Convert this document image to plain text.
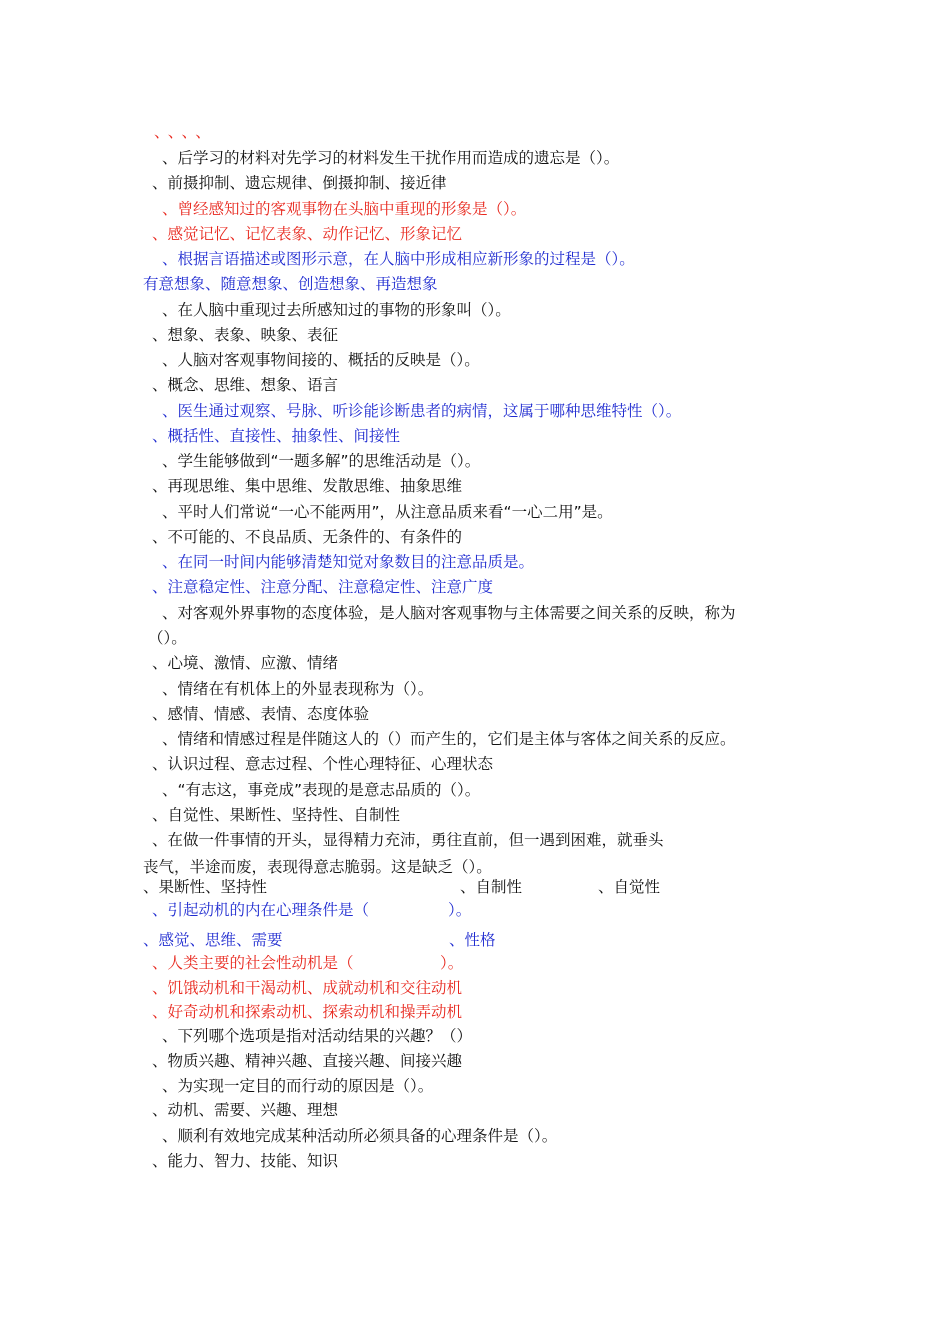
、、、、
、后学习的材料对先学习的材料发生干扰作用而造成的遗忘是（）。
、前摄抑制、遗忘规律、倒摄抑制、接近律
、曾经感知过的客观事物在头脑中重现的形象是（）。
、感觉记忆、记忆表象、动作记忆、形象记忆
、根据言语描述或图形示意，在人脑中形成相应新形象的过程是（）。
有意想象、随意想象、创造想象、再造想象
、在人脑中重现过去所感知过的事物的形象叫（）。
、想象、表象、映象、表征
、人脑对客观事物间接的、概括的反映是（）。
、概念、思维、想象、语言
、医生通过观察、号脉、听诊能诊断患者的病情，这属于哪种思维特性（）。
、概括性、直接性、抽象性、间接性
、学生能够做到“一题多解”的思维活动是（）。
、再现思维、集中思维、发散思维、抽象思维
、平时人们常说“一心不能两用”，从注意品质来看“一心二用”是。
、不可能的、不良品质、无条件的、有条件的
、在同一时间内能够清楚知觉对象数目的注意品质是。
、注意稳定性、注意分配、注意稳定性、注意广度
、对客观外界事物的态度体验，是人脑对客观事物与主体需要之间关系的反映，称为
（）。
、心境、激情、应激、情绪
、情绪在有机体上的外显表现称为（）。
、感情、情感、表情、态度体验
、情绪和情感过程是伴随这人的（）而产生的，它们是主体与客体之间关系的反应。
、认识过程、意志过程、个性心理特征、心理状态
、“有志这，事竞成”表现的是意志品质的（）。
、自觉性、果断性、坚持性、自制性
、在做一件事情的开头，显得精力充沛，勇往直前，但一遇到困难，就垂头
丧气，半途而废，表现得意志脆弱。这是缺乏（）。
、果断性、坚持性	、自制性	、自觉性
、引起动机的内在心理条件是（	）。
、感觉、思维、需要	、性格
、人类主要的社会性动机是（	）。
、饥饿动机和干渴动机、成就动机和交往动机
、好奇动机和探索动机、探索动机和操弄动机
、下列哪个选项是指对活动结果的兴趣？（）
、物质兴趣、精神兴趣、直接兴趣、间接兴趣
、为实现一定目的而行动的原因是（）。
、动机、需要、兴趣、理想
、顺利有效地完成某种活动所必须具备的心理条件是（）。
、能力、智力、技能、知识
